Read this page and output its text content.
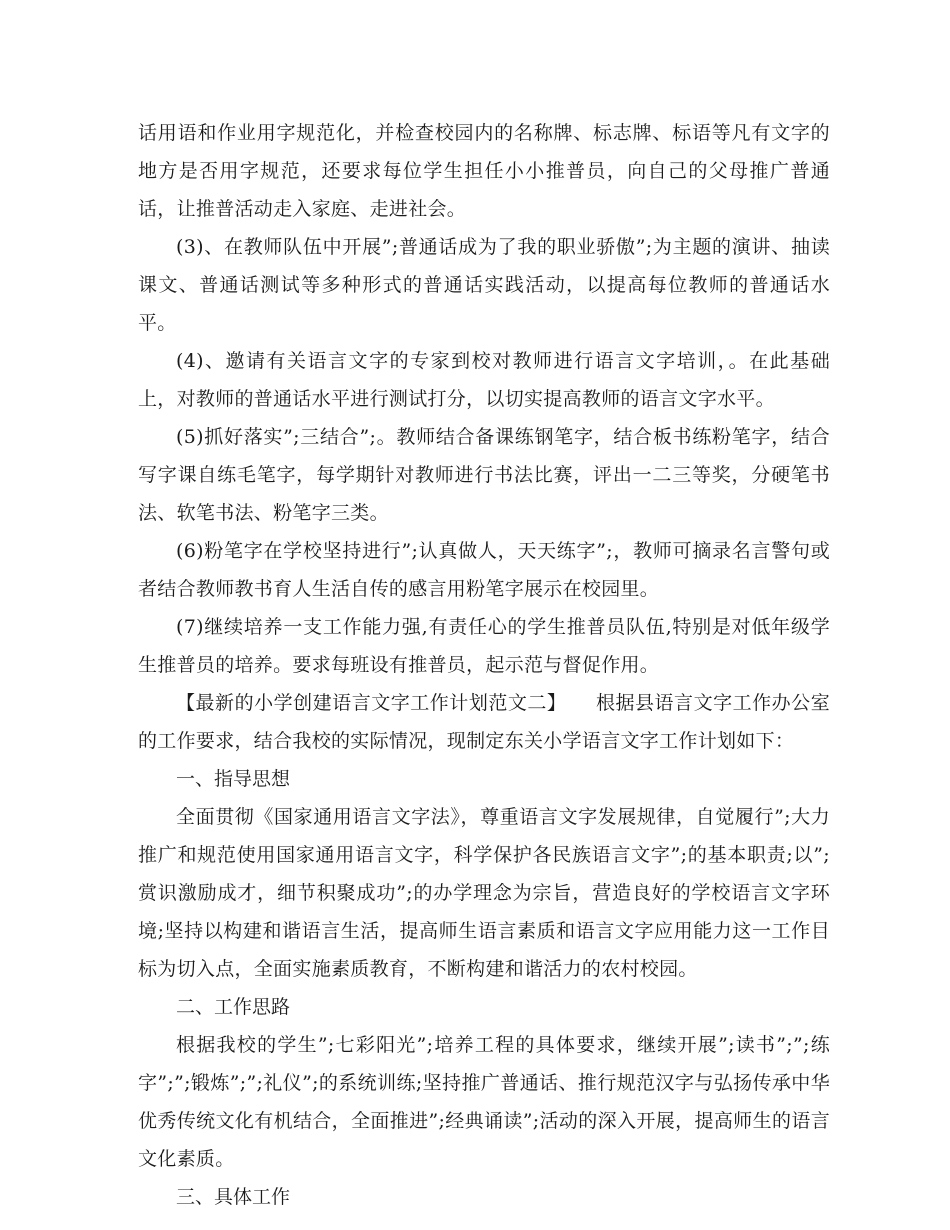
话用语和作业用字规范化，并检查校园内的名称牌、标志牌、标语等凡有文字的地方是否用字规范，还要求每位学生担任小小推普员，向自己的父母推广普通话，让推普活动走入家庭、走进社会。

(3)、在教师队伍中开展”;普通话成为了我的职业骄傲”;为主题的演讲、抽读课文、普通话测试等多种形式的普通话实践活动，以提高每位教师的普通话水平。

(4)、邀请有关语言文字的专家到校对教师进行语言文字培训，。在此基础上，对教师的普通话水平进行测试打分，以切实提高教师的语言文字水平。

(5)抓好落实”;三结合”;。教师结合备课练钢笔字，结合板书练粉笔字，结合写字课自练毛笔字，每学期针对教师进行书法比赛，评出一二三等奖，分硬笔书法、软笔书法、粉笔字三类。

(6)粉笔字在学校坚持进行”;认真做人，天天练字”;，教师可摘录名言警句或者结合教师教书育人生活自传的感言用粉笔字展示在校园里。

(7)继续培养一支工作能力强,有责任心的学生推普员队伍,特别是对低年级学生推普员的培养。要求每班设有推普员，起示范与督促作用。

【最新的小学创建语言文字工作计划范文二】　　根据县语言文字工作办公室的工作要求，结合我校的实际情况，现制定东关小学语言文字工作计划如下：

一、指导思想

全面贯彻《国家通用语言文字法》，尊重语言文字发展规律，自觉履行”;大力推广和规范使用国家通用语言文字，科学保护各民族语言文字”;的基本职责;以”;赏识激励成才，细节积聚成功”;的办学理念为宗旨，营造良好的学校语言文字环境;坚持以构建和谐语言生活，提高师生语言素质和语言文字应用能力这一工作目标为切入点，全面实施素质教育，不断构建和谐活力的农村校园。

二、工作思路

根据我校的学生”;七彩阳光”;培养工程的具体要求，继续开展”;读书”;”;练字”;”;锻炼”;”;礼仪”;的系统训练;坚持推广普通话、推行规范汉字与弘扬传承中华优秀传统文化有机结合，全面推进”;经典诵读”;活动的深入开展，提高师生的语言文化素质。

三、具体工作
